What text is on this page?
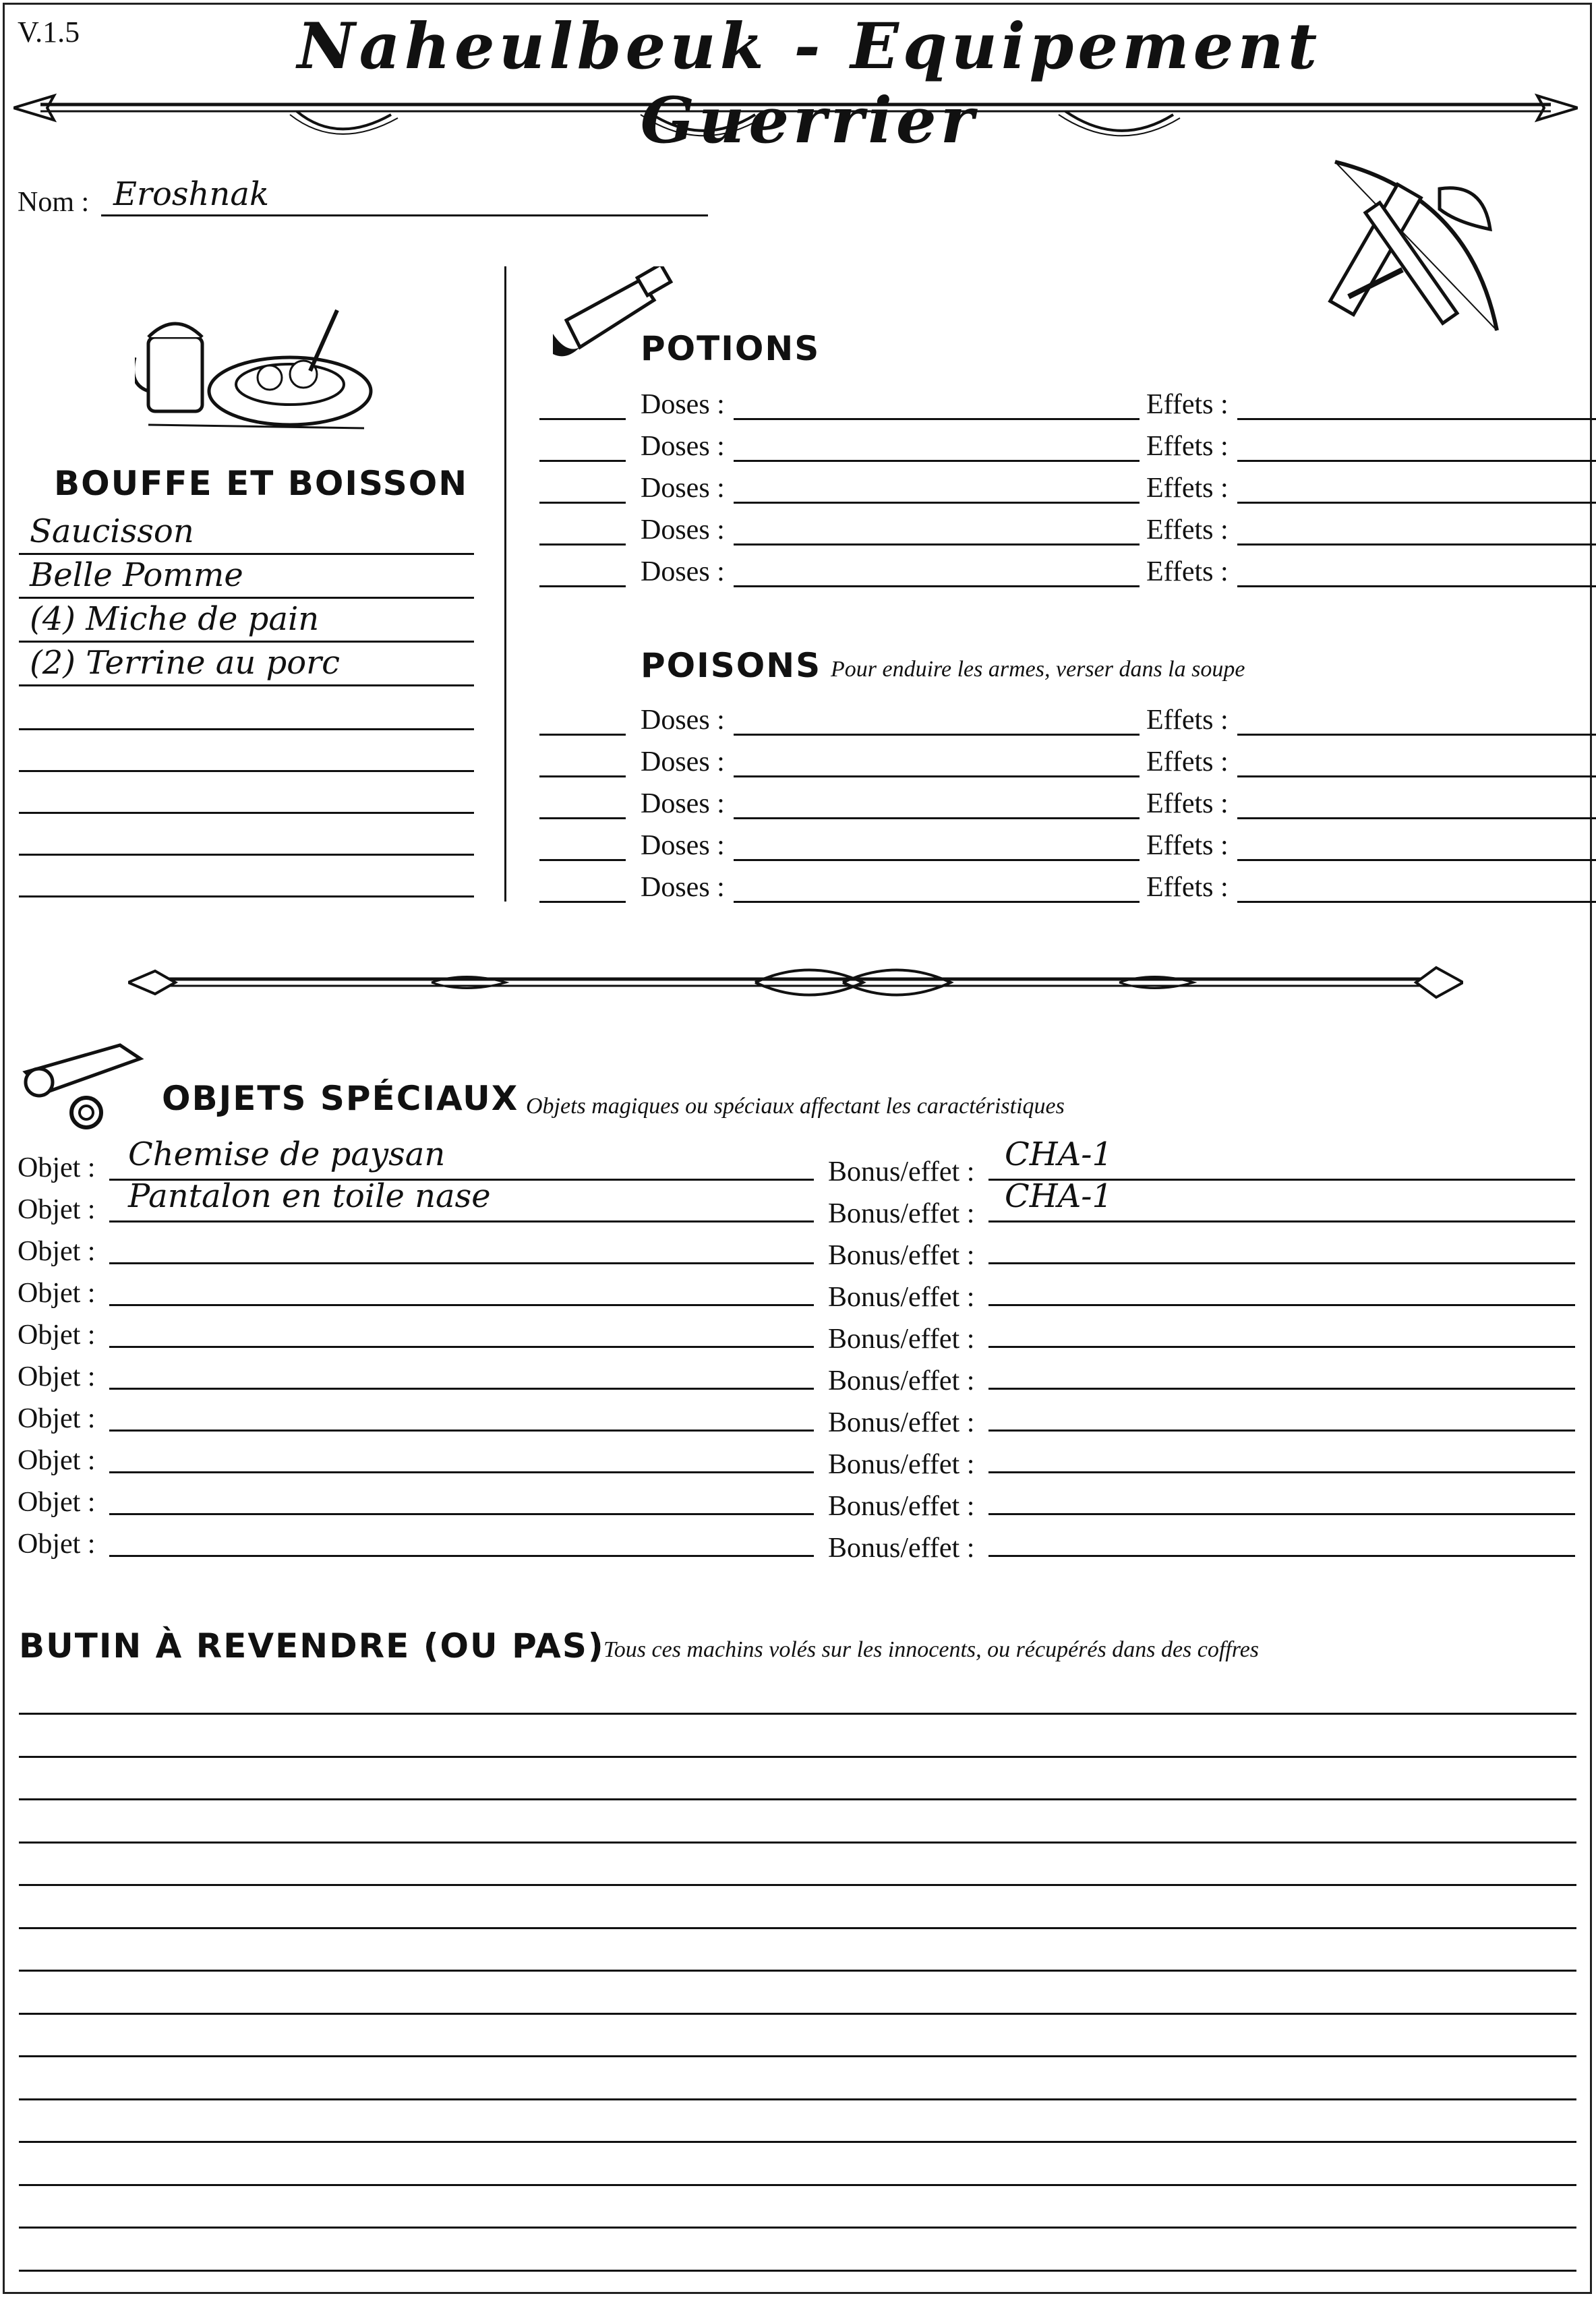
V.1.5	Naheulbeuk - Equipement Guerrier
Nom : Eroshnak
BOUFFE ET BOISSON
Saucisson
Belle Pomme
(4) Miche de pain
(2) Terrine au porc
POTIONS
Doses :	Effets :
Doses :	Effets :
Doses :	Effets :
Doses :	Effets :
Doses :	Effets :
POISONS Pour enduire les armes, verser dans la soupe
Doses :	Effets :
Doses :	Effets :
Doses :	Effets :
Doses :	Effets :
Doses :	Effets :
OBJETS SPÉCIAUX Objets magiques ou spéciaux affectant les caractéristiques
Objet : Chemise de paysan	Bonus/effet : CHA-1
Objet : Pantalon en toile nase	Bonus/effet : CHA-1
Objet :	Bonus/effet :
Objet :	Bonus/effet :
Objet :	Bonus/effet :
Objet :	Bonus/effet :
Objet :	Bonus/effet :
Objet :	Bonus/effet :
Objet :	Bonus/effet :
Objet :	Bonus/effet :
BUTIN À REVENDRE (OU PAS)
Tous ces machins volés sur les innocents, ou récupérés dans des coffres
